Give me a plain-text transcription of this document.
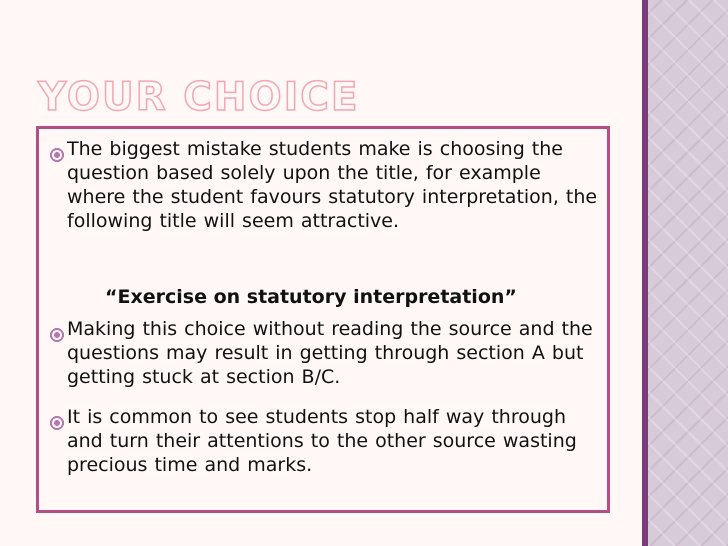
YOUR CHOICE
The biggest mistake students make is choosing the question based solely upon the title, for example where the student favours statutory interpretation, the following title will seem attractive.
Making this choice without reading the source and the questions may result in getting through section A but getting stuck at section B/C.
It is common to see students stop half way through and turn their attentions to the other source wasting precious time and marks.
“Exercise on statutory interpretation”
